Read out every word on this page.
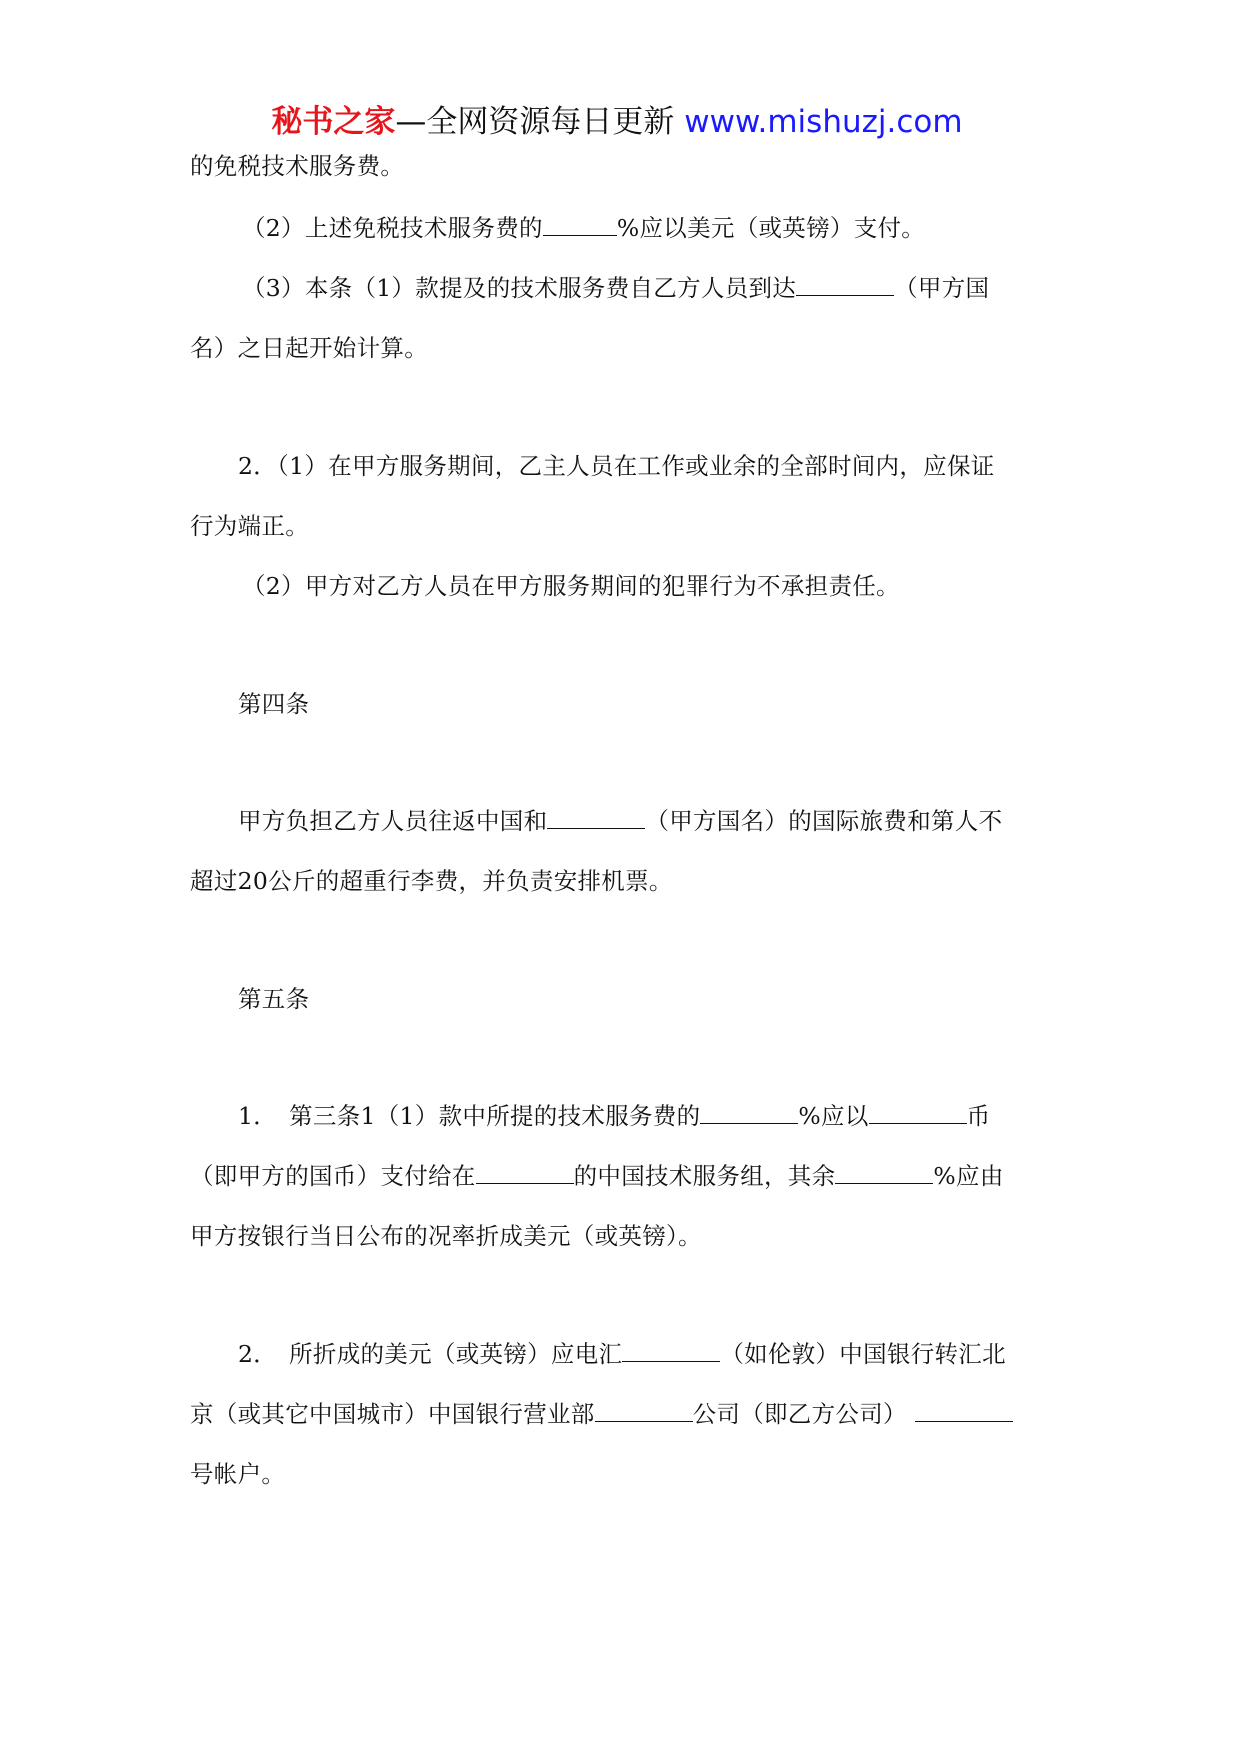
秘书之家—全网资源每日更新 www.mishuzj.com
的免税技术服务费。
（2）上述免税技术服务费的	%应以美元（或英镑）支付。
（3）本条（1）款提及的技术服务费自乙方人员到达	（甲方国
名）之日起开始计算。
2．（1）在甲方服务期间，乙主人员在工作或业余的全部时间内，应保证
行为端正。
（2）甲方对乙方人员在甲方服务期间的犯罪行为不承担责任。
第四条
甲方负担乙方人员往返中国和	（甲方国名）的国际旅费和第人不
超过20公斤的超重行李费，并负责安排机票。
第五条
1．　第三条1（1）款中所提的技术服务费的	%应以	币
（即甲方的国币）支付给在	的中国技术服务组，其余	%应由
甲方按银行当日公布的况率折成美元（或英镑）。
2．　所折成的美元（或英镑）应电汇	（如伦敦）中国银行转汇北
京（或其它中国城市）中国银行营业部	公司（即乙方公司）
号帐户。
